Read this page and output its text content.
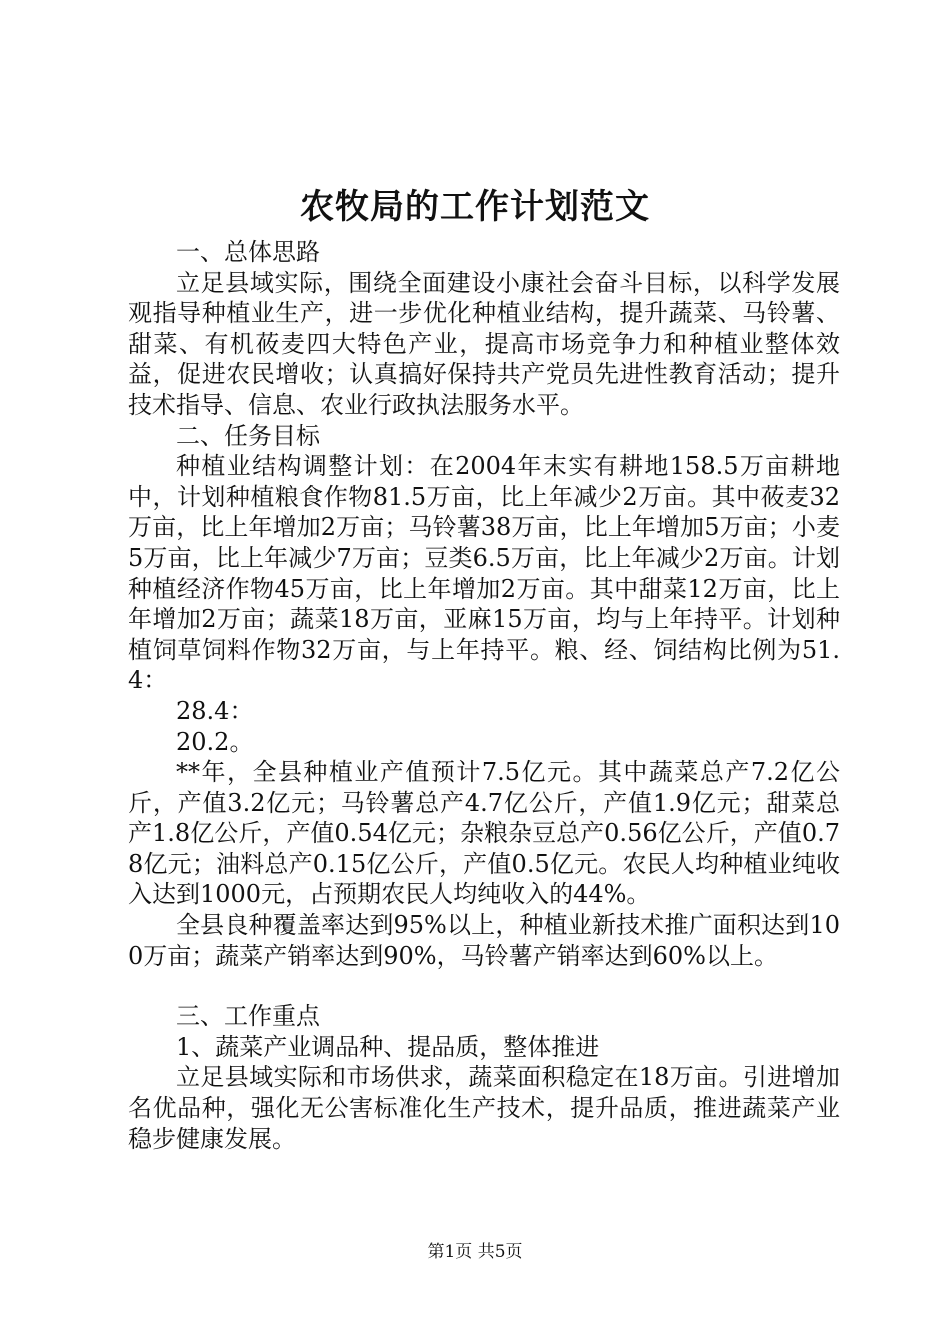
农牧局的工作计划范文

一、总体思路

立足县域实际，围绕全面建设小康社会奋斗目标，以科学发展观指导种植业生产，进一步优化种植业结构，提升蔬菜、马铃薯、甜菜、有机莜麦四大特色产业，提高市场竞争力和种植业整体效益，促进农民增收；认真搞好保持共产党员先进性教育活动；提升技术指导、信息、农业行政执法服务水平。

二、任务目标

种植业结构调整计划：在2004年末实有耕地158.5万亩耕地中，计划种植粮食作物81.5万亩，比上年减少2万亩。其中莜麦32万亩，比上年增加2万亩；马铃薯38万亩，比上年增加5万亩；小麦5万亩，比上年减少7万亩；豆类6.5万亩，比上年减少2万亩。计划种植经济作物45万亩，比上年增加2万亩。其中甜菜12万亩，比上年增加2万亩；蔬菜18万亩，亚麻15万亩，均与上年持平。计划种植饲草饲料作物32万亩，与上年持平。粮、经、饲结构比例为51.4：

28.4：

20.2。

**年，全县种植业产值预计7.5亿元。其中蔬菜总产7.2亿公斤，产值3.2亿元；马铃薯总产4.7亿公斤，产值1.9亿元；甜菜总产1.8亿公斤，产值0.54亿元；杂粮杂豆总产0.56亿公斤，产值0.78亿元；油料总产0.15亿公斤，产值0.5亿元。农民人均种植业纯收入达到1000元，占预期农民人均纯收入的44%。

全县良种覆盖率达到95%以上，种植业新技术推广面积达到100万亩；蔬菜产销率达到90%，马铃薯产销率达到60%以上。

三、工作重点

1、蔬菜产业调品种、提品质，整体推进

立足县域实际和市场供求，蔬菜面积稳定在18万亩。引进增加名优品种，强化无公害标准化生产技术，提升品质，推进蔬菜产业稳步健康发展。

第1页 共5页
